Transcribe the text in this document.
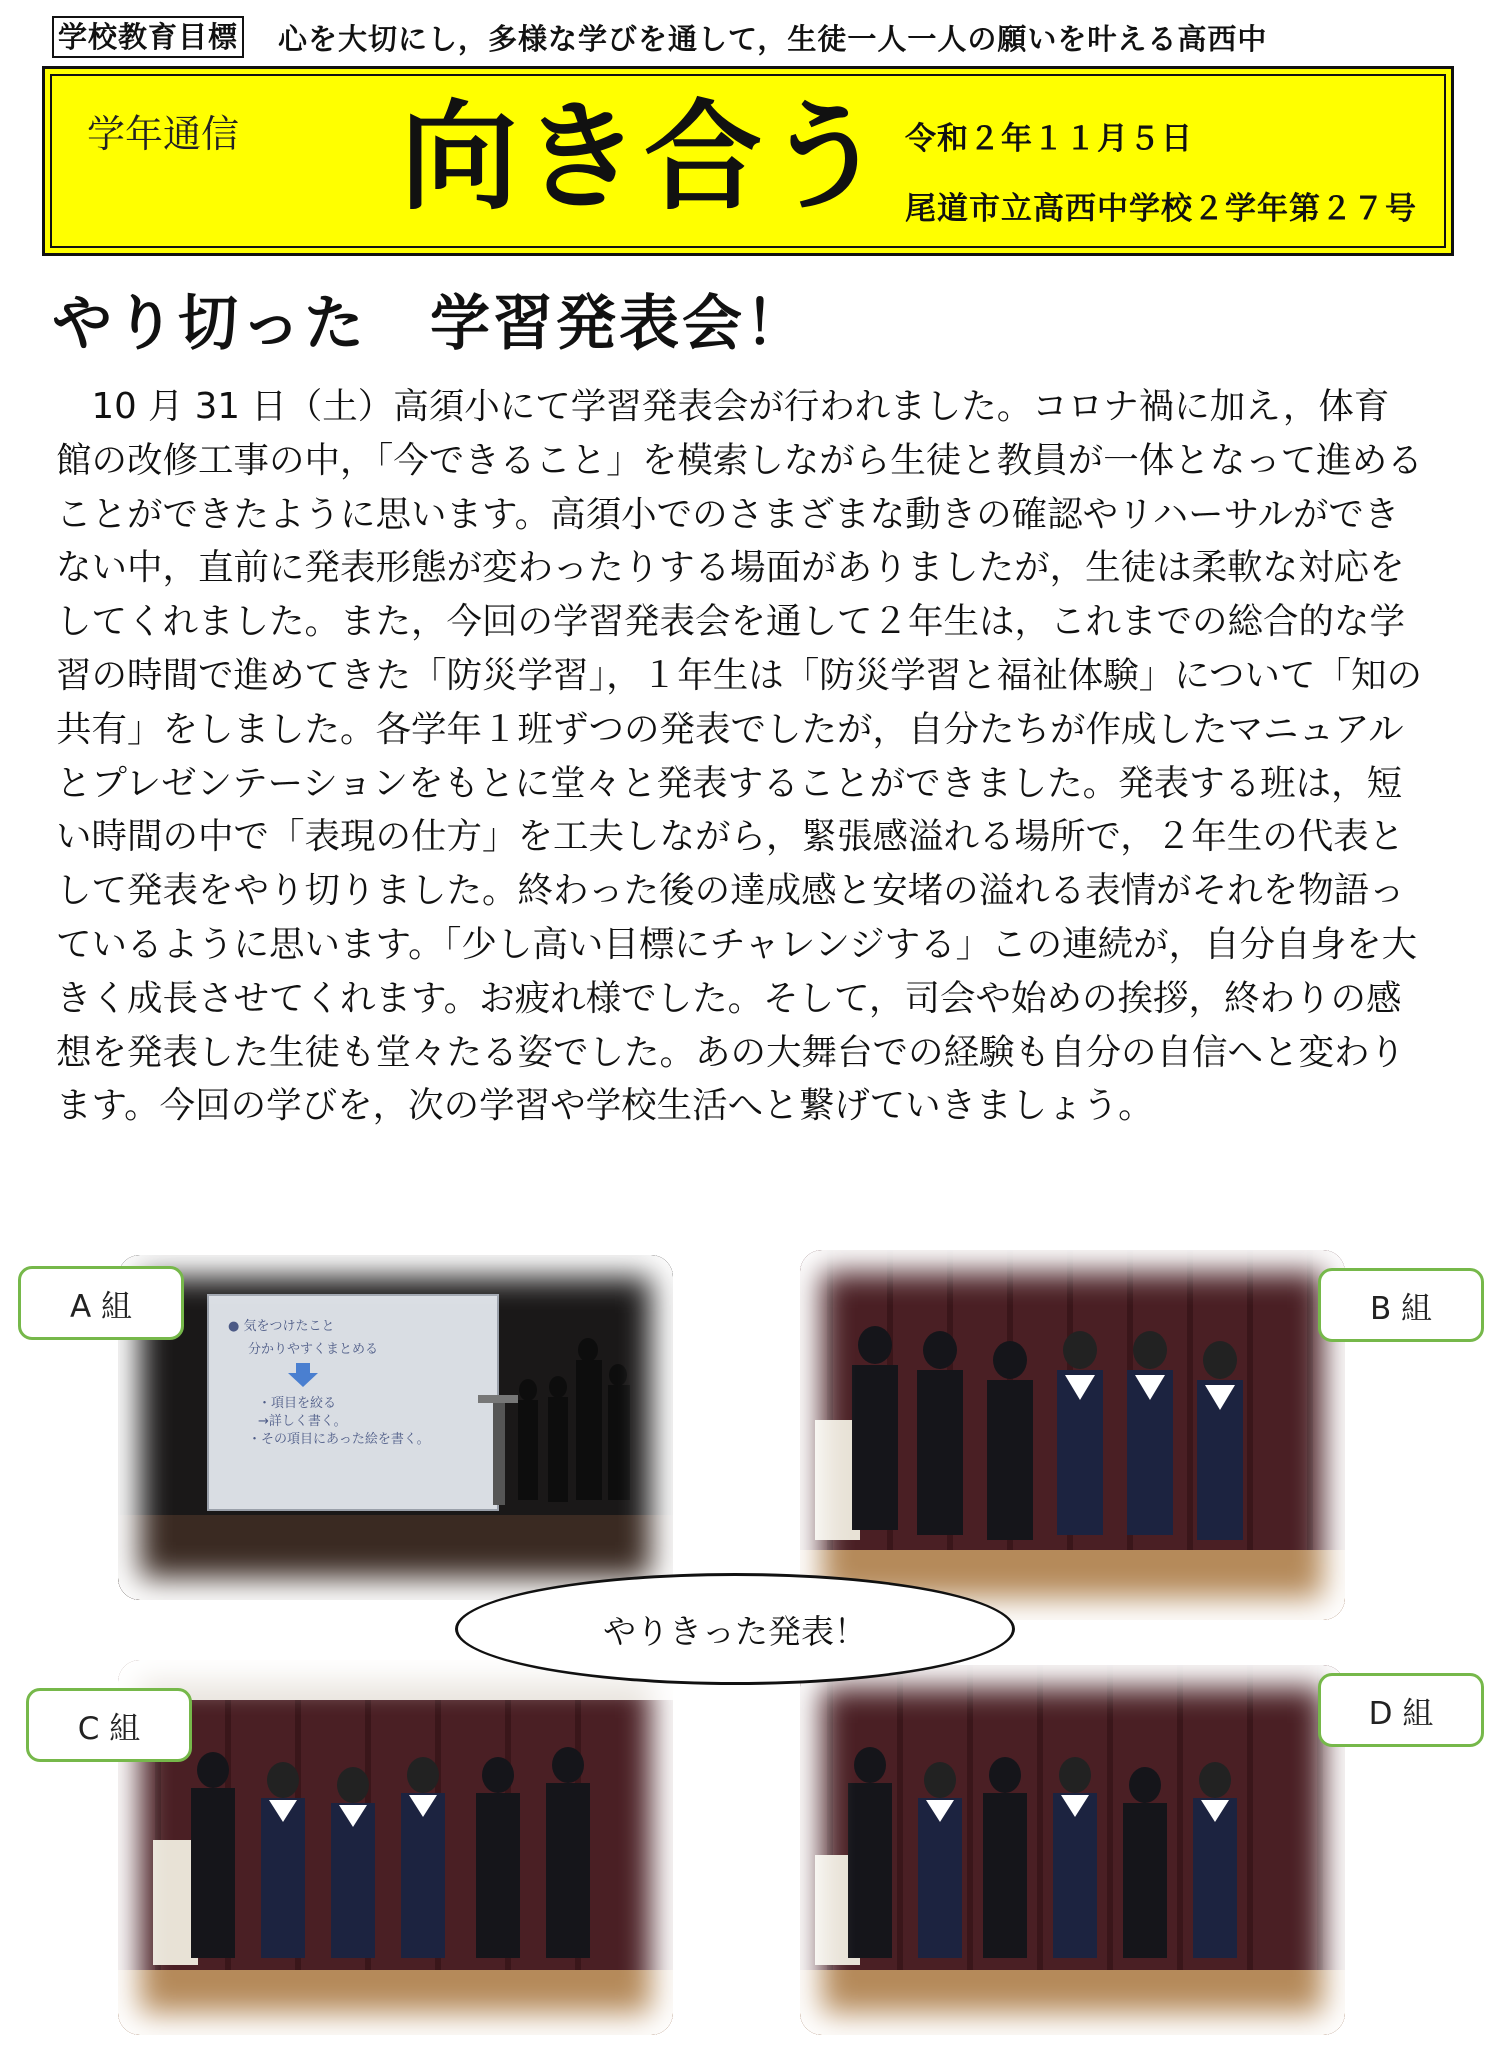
学校教育目標 心を大切にし，多様な学びを通して，生徒一人一人の願いを叶える高西中
学年通信 向き合う 令和２年１１月５日
尾道市立高西中学校２学年第２７号
やり切った　学習発表会！
　10 月 31 日（土）高須小にて学習発表会が行われました。コロナ禍に加え，体育
館の改修工事の中，「今できること」を模索しながら生徒と教員が一体となって進める
ことができたように思います。高須小でのさまざまな動きの確認やリハーサルができ
ない中，直前に発表形態が変わったりする場面がありましたが，生徒は柔軟な対応を
してくれました。また，今回の学習発表会を通して２年生は，これまでの総合的な学
習の時間で進めてきた「防災学習」，１年生は「防災学習と福祉体験」について「知の
共有」をしました。各学年１班ずつの発表でしたが，自分たちが作成したマニュアル
とプレゼンテーションをもとに堂々と発表することができました。発表する班は，短
い時間の中で「表現の仕方」を工夫しながら，緊張感溢れる場所で，２年生の代表と
して発表をやり切りました。終わった後の達成感と安堵の溢れる表情がそれを物語っ
ているように思います。「少し高い目標にチャレンジする」この連続が，自分自身を大
きく成長させてくれます。お疲れ様でした。そして，司会や始めの挨拶，終わりの感
想を発表した生徒も堂々たる姿でした。あの大舞台での経験も自分の自信へと変わり
ます。今回の学びを，次の学習や学校生活へと繋げていきましょう。
● 気をつけたこと
分かりやすくまとめる
・項目を絞る
→詳しく書く。
・その項目にあった絵を書く。
A 組	B 組
C 組	D 組
やりきった発表！
